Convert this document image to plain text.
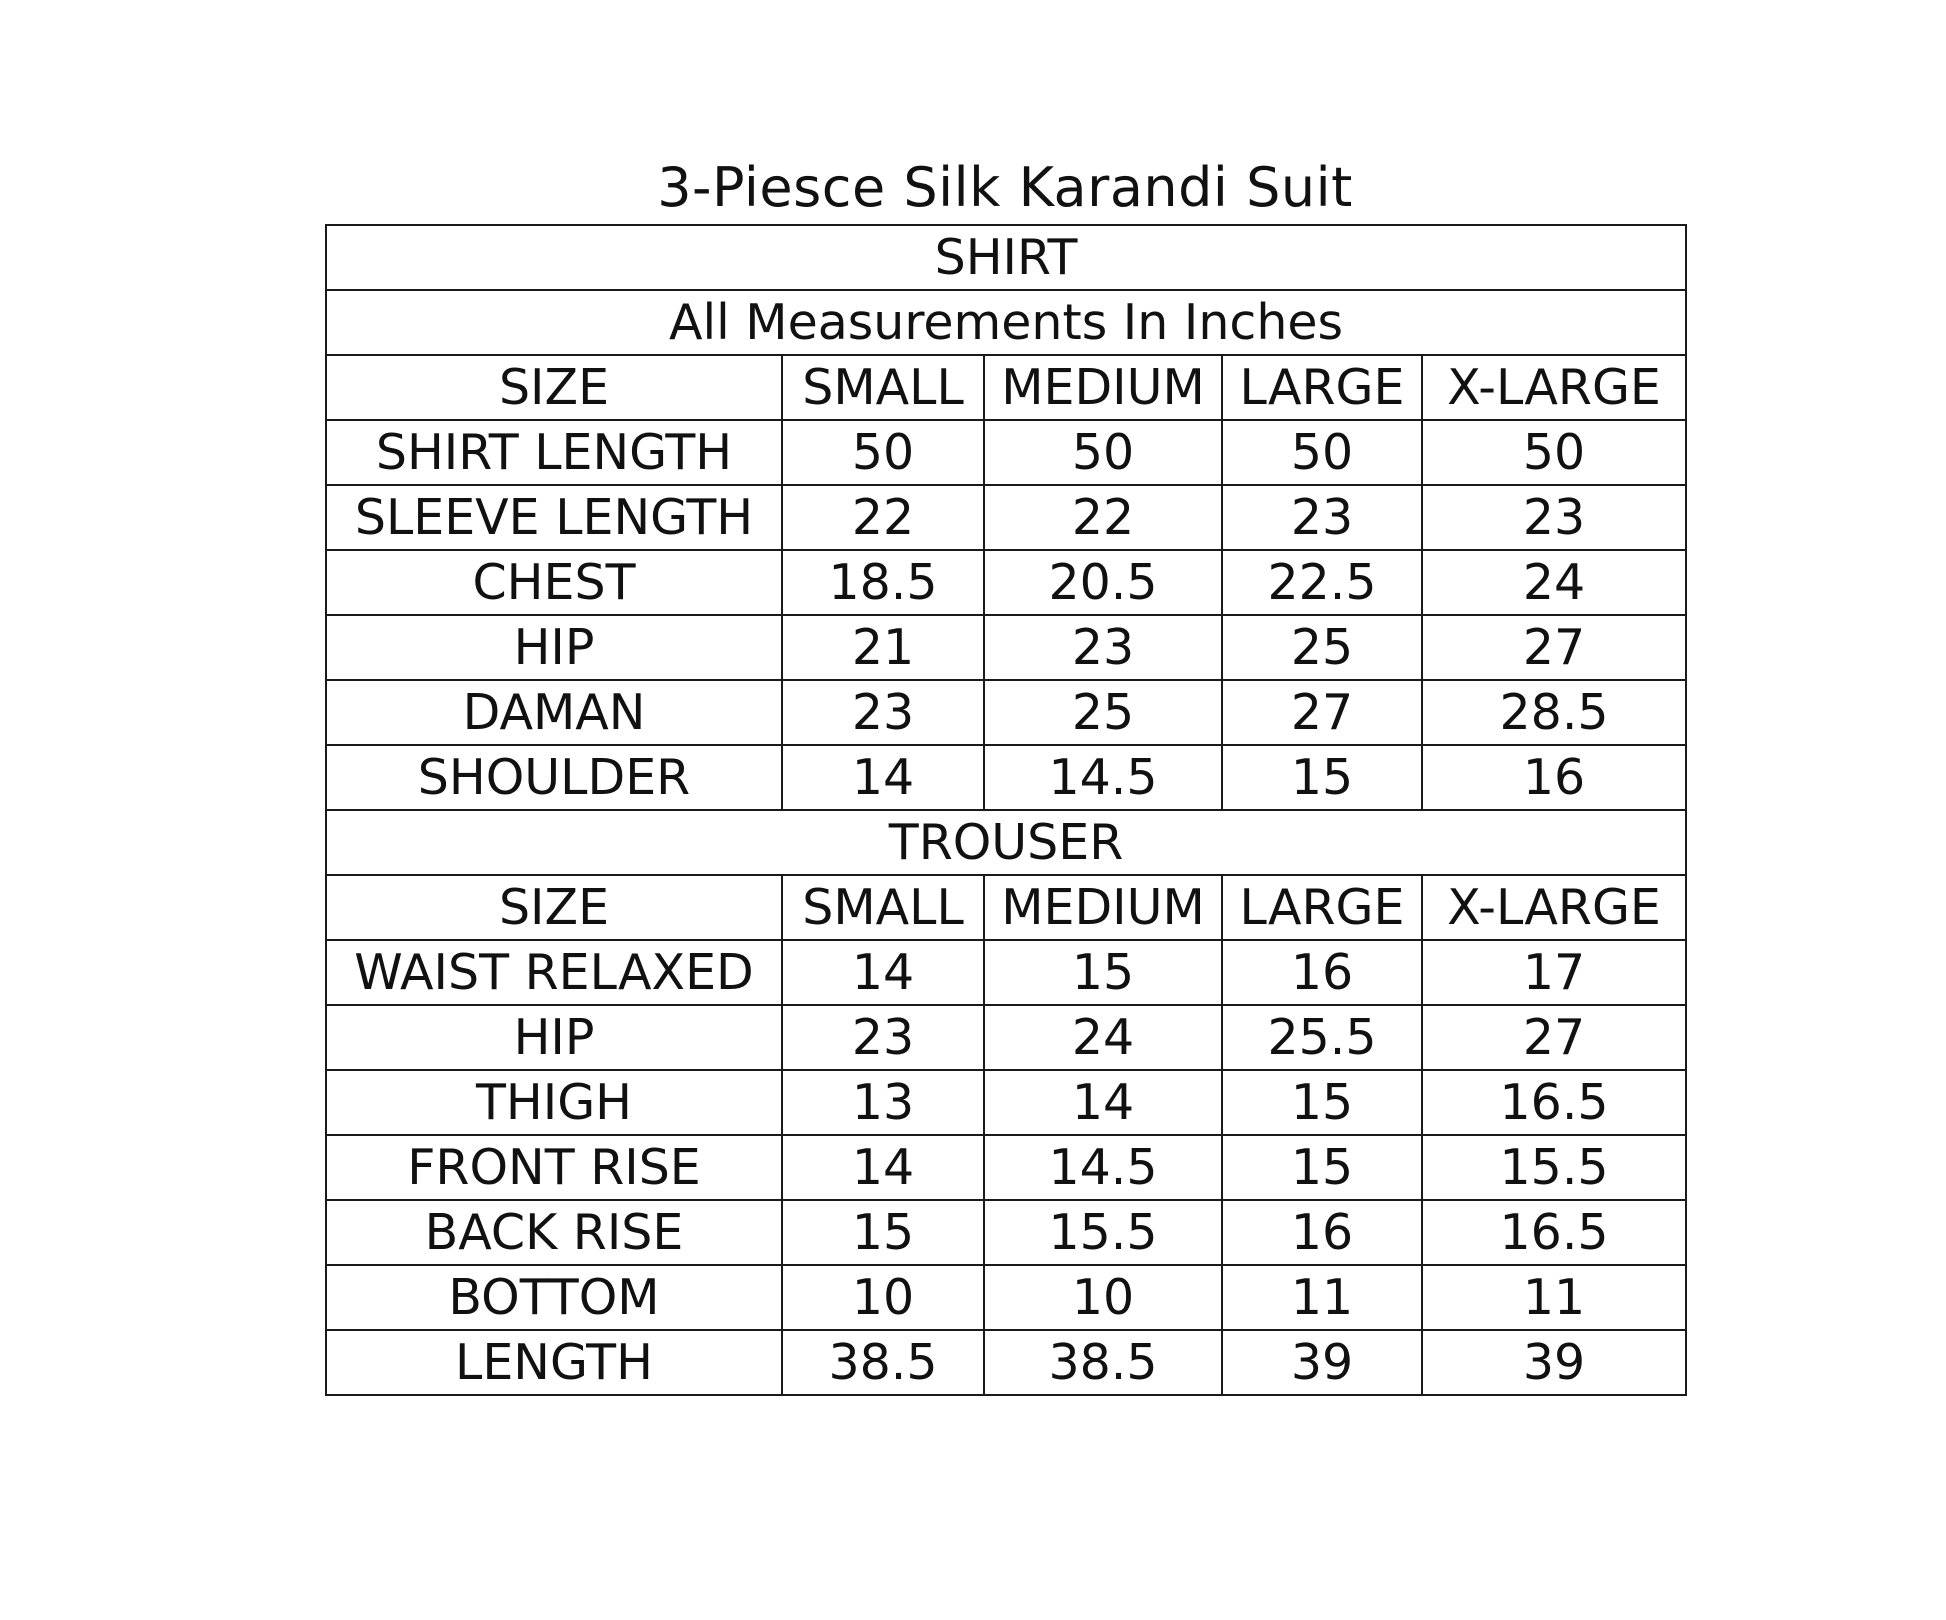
3-Piesce Silk Karandi Suit
SHIRT				
All Measurements In Inches				
SIZE	SMALL	MEDIUM	LARGE	X-LARGE
SHIRT LENGTH	50	50	50	50
SLEEVE LENGTH	22	22	23	23
CHEST	18.5	20.5	22.5	24
HIP	21	23	25	27
DAMAN	23	25	27	28.5
SHOULDER	14	14.5	15	16
TROUSER				
SIZE	SMALL	MEDIUM	LARGE	X-LARGE
WAIST RELAXED	14	15	16	17
HIP	23	24	25.5	27
THIGH	13	14	15	16.5
FRONT RISE	14	14.5	15	15.5
BACK RISE	15	15.5	16	16.5
BOTTOM	10	10	11	11
LENGTH	38.5	38.5	39	39
